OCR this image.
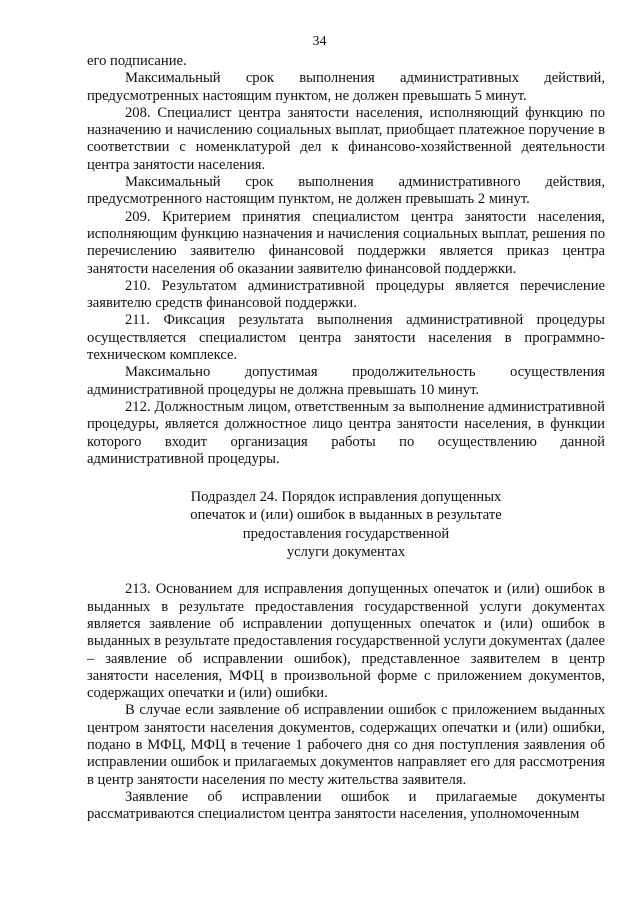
34

его подписание.

Максимальный срок выполнения административных действий, предусмотренных настоящим пунктом, не должен превышать 5 минут.

208. Специалист центра занятости населения, исполняющий функцию по назначению и начислению социальных выплат, приобщает платежное поручение в соответствии с номенклатурой дел к финансово-хозяйственной деятельности центра занятости населения.

Максимальный срок выполнения административного действия, предусмотренного настоящим пунктом, не должен превышать 2 минут.

209. Критерием принятия специалистом центра занятости населения, исполняющим функцию назначения и начисления социальных выплат, решения по перечислению заявителю финансовой поддержки является приказ центра занятости населения об оказании заявителю финансовой поддержки.

210. Результатом административной процедуры является перечисление заявителю средств финансовой поддержки.

211. Фиксация результата выполнения административной процедуры осуществляется специалистом центра занятости населения в программно-техническом комплексе.

Максимально допустимая продолжительность осуществления административной процедуры не должна превышать 10 минут.

212. Должностным лицом, ответственным за выполнение административной процедуры, является должностное лицо центра занятости населения, в функции которого входит организация работы по осуществлению данной административной процедуры.

Подраздел 24. Порядок исправления допущенных
опечаток и (или) ошибок в выданных в результате
предоставления государственной
услуги документах

213. Основанием для исправления допущенных опечаток и (или) ошибок в выданных в результате предоставления государственной услуги документах является заявление об исправлении допущенных опечаток и (или) ошибок в выданных в результате предоставления государственной услуги документах (далее – заявление об исправлении ошибок), представленное заявителем в центр занятости населения, МФЦ в произвольной форме с приложением документов, содержащих опечатки и (или) ошибки.

В случае если заявление об исправлении ошибок с приложением выданных центром занятости населения документов, содержащих опечатки и (или) ошибки, подано в МФЦ, МФЦ в течение 1 рабочего дня со дня поступления заявления об исправлении ошибок и прилагаемых документов направляет его для рассмотрения в центр занятости населения по месту жительства заявителя.

Заявление об исправлении ошибок и прилагаемые документы рассматриваются специалистом центра занятости населения, уполномоченным
